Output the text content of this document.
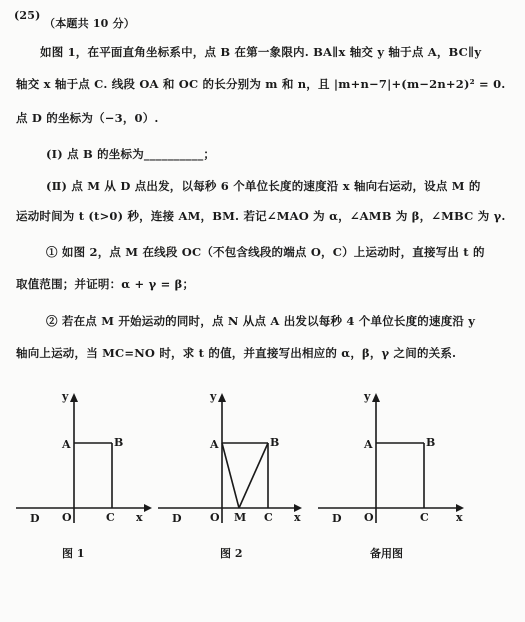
(25)
（本题共 10 分）
如图 1，在平面直角坐标系中，点 B 在第一象限内. BA∥x 轴交 y 轴于点 A，BC∥y
轴交 x 轴于点 C. 线段 OA 和 OC 的长分别为 m 和 n，且 |m+n−7|+(m−2n+2)² = 0.
点 D 的坐标为（−3，0）.
(Ⅰ) 点 B 的坐标为__________；
(Ⅱ) 点 M 从 D 点出发，以每秒 6 个单位长度的速度沿 x 轴向右运动，设点 M 的
运动时间为 t (t>0) 秒，连接 AM，BM. 若记∠MAO 为 α，∠AMB 为 β，∠MBC 为 γ.
① 如图 2，点 M 在线段 OC（不包含线段的端点 O，C）上运动时，直接写出 t 的
取值范围；并证明：α + γ = β；
② 若在点 M 开始运动的同时，点 N 从点 A 出发以每秒 4 个单位长度的速度沿 y
轴向上运动，当 MC=NO 时，求 t 的值，并直接写出相应的 α，β，γ 之间的关系.
y
x
A	B
C
D O
y
x
A	B
C
D	O M
y
x
A	B
C
D O
图 1	图 2	备用图
